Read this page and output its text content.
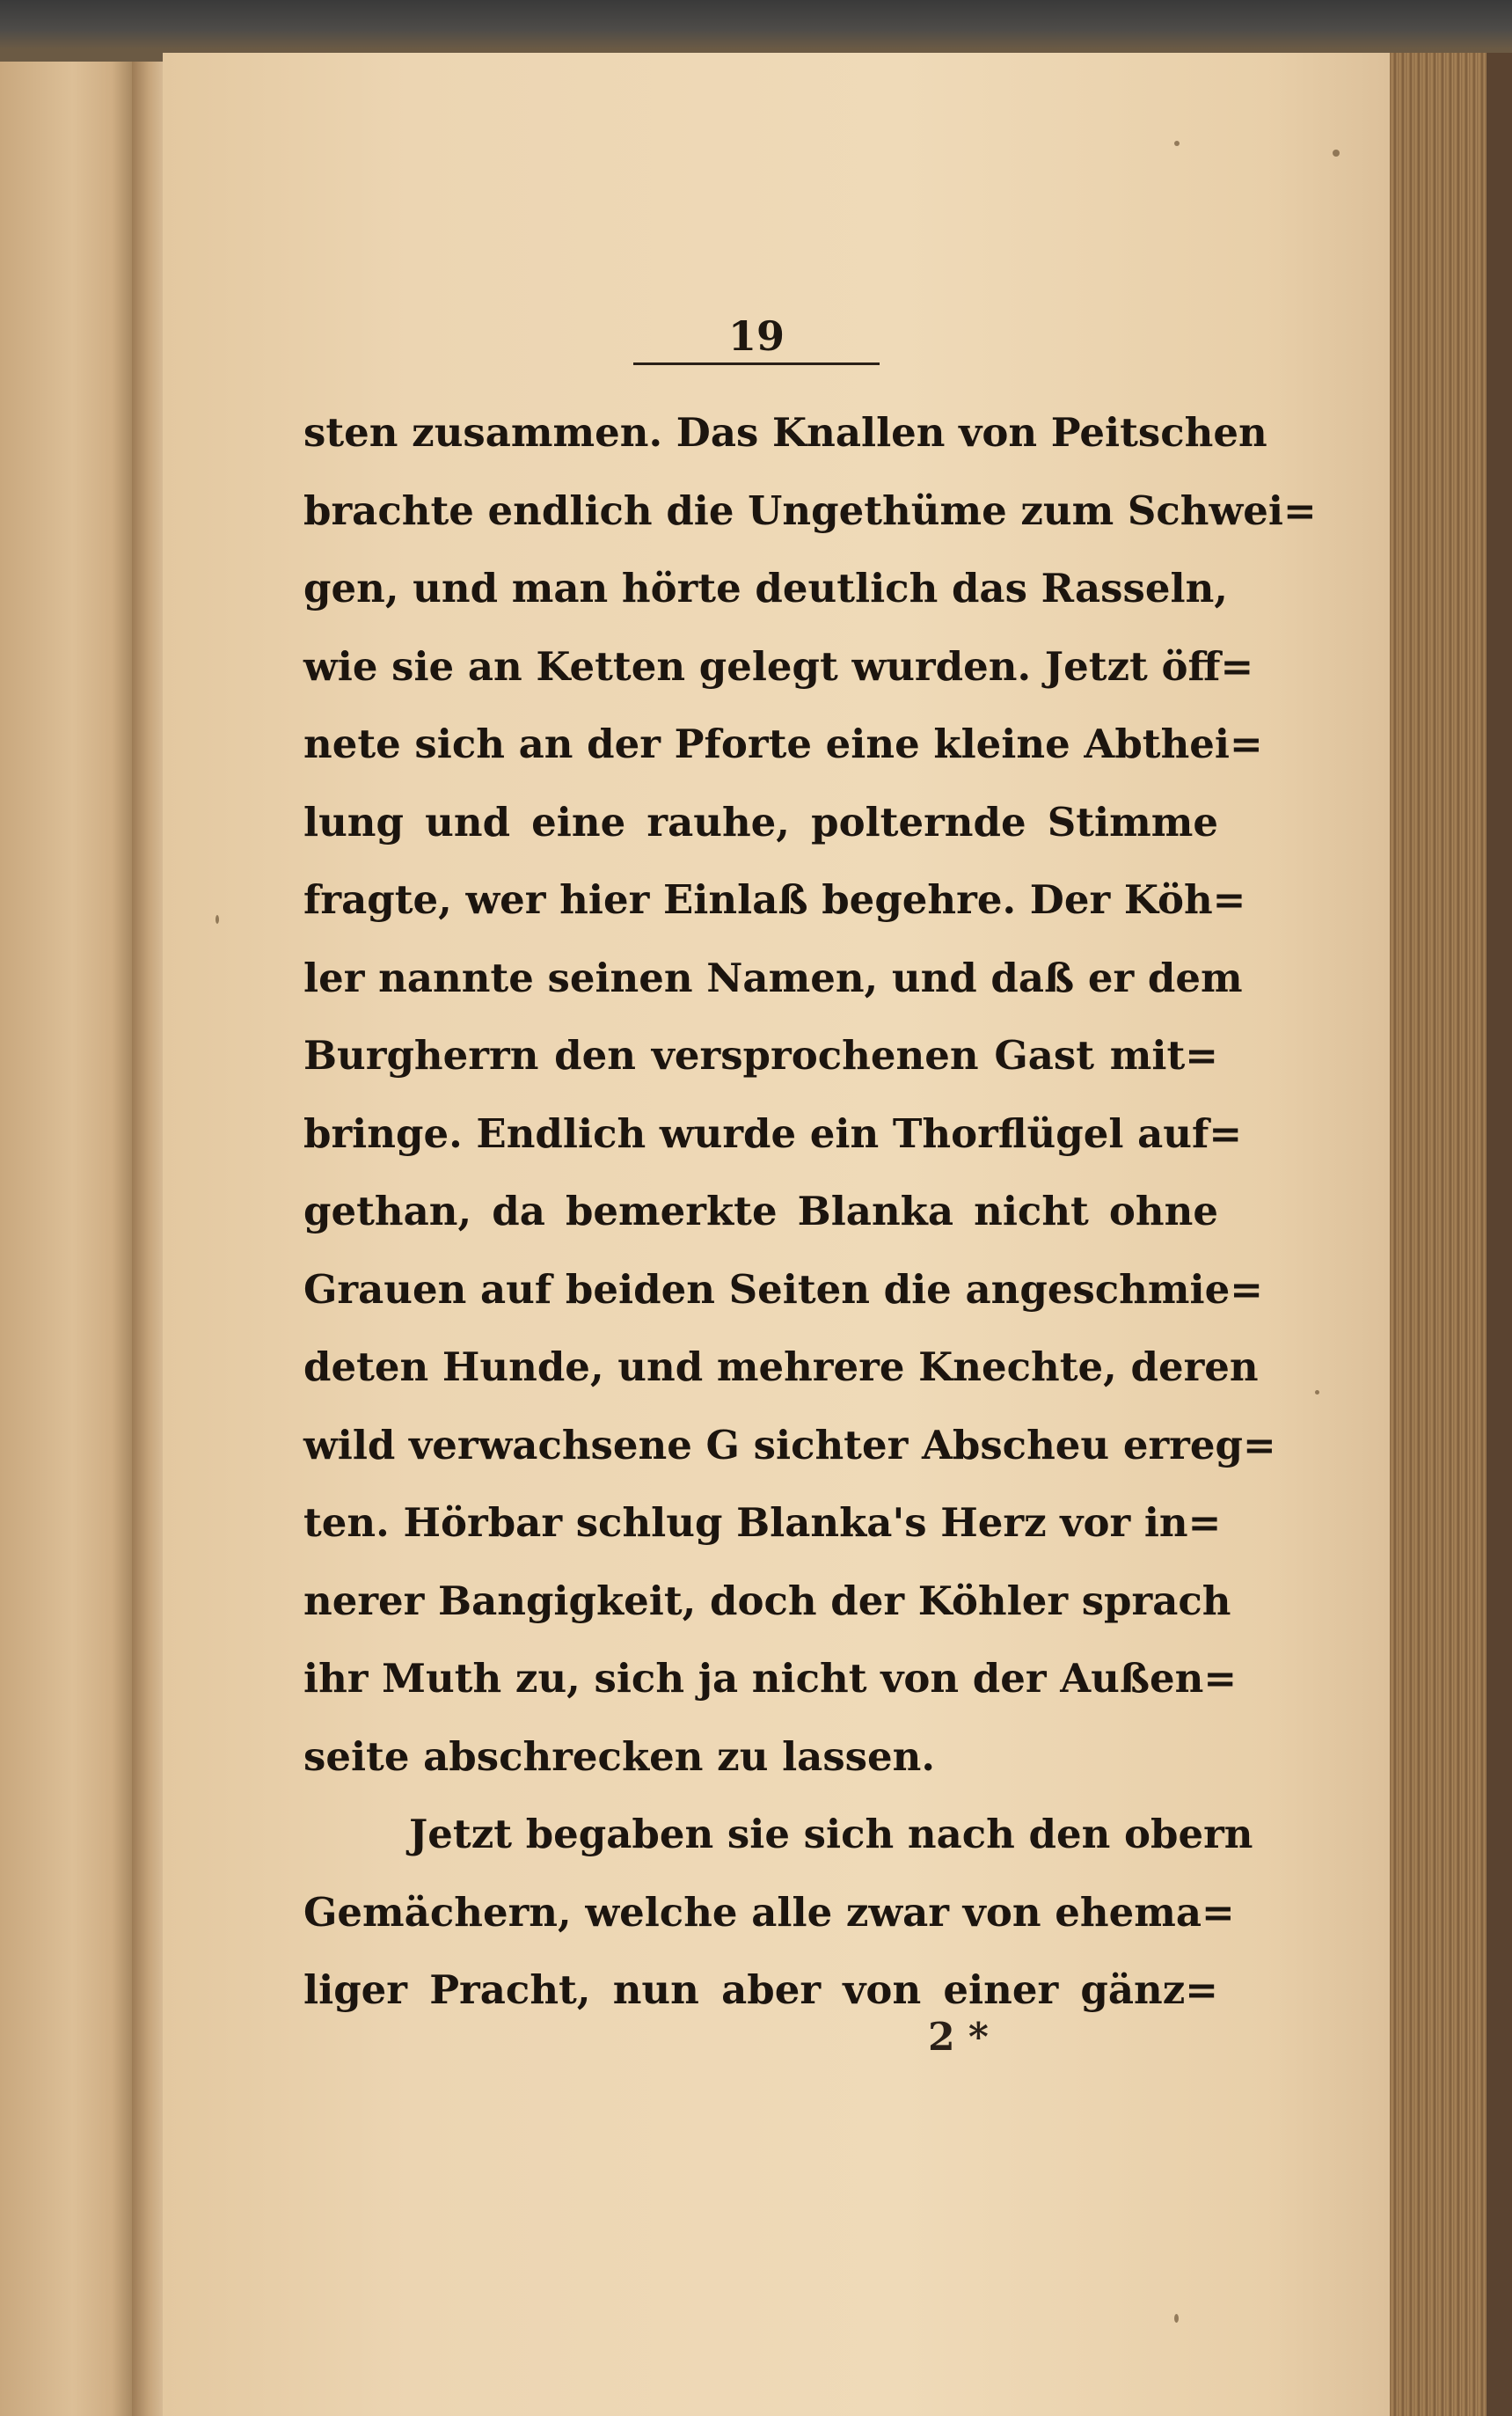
19
sten zusammen. Das Knallen von Peitschen
brachte endlich die Ungethüme zum Schwei=
gen, und man hörte deutlich das Rasseln,
wie sie an Ketten gelegt wurden. Jetzt öff=
nete sich an der Pforte eine kleine Abthei=
lung und eine rauhe, polternde Stimme
fragte, wer hier Einlaß begehre. Der Köh=
ler nannte seinen Namen, und daß er dem
Burgherrn den versprochenen Gast mit=
bringe. Endlich wurde ein Thorflügel auf=
gethan, da bemerkte Blanka nicht ohne
Grauen auf beiden Seiten die angeschmie=
deten Hunde, und mehrere Knechte, deren
wild verwachsene G sichter Abscheu erreg=
ten. Hörbar schlug Blanka's Herz vor in=
nerer Bangigkeit, doch der Köhler sprach
ihr Muth zu, sich ja nicht von der Außen=
seite abschrecken zu lassen.
Jetzt begaben sie sich nach den obern
Gemächern, welche alle zwar von ehema=
liger Pracht, nun aber von einer gänz=
2 *
